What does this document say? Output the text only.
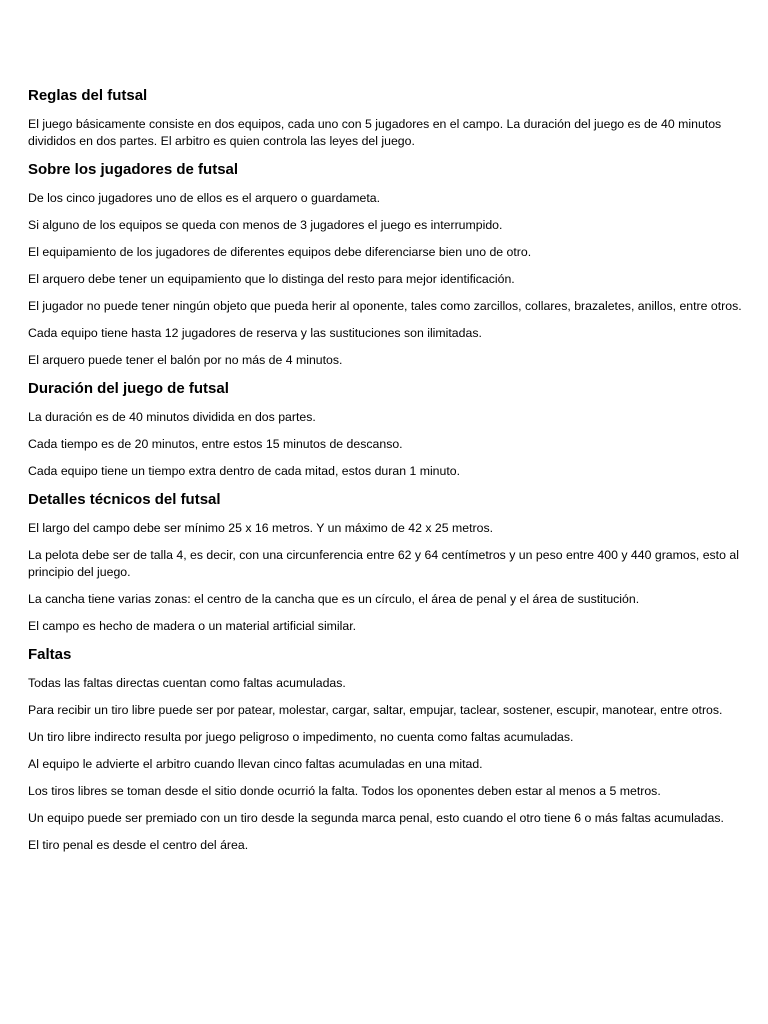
Reglas del futsal

El juego básicamente consiste en dos equipos, cada uno con 5 jugadores en el campo. La duración del juego es de 40 minutos divididos en dos partes. El arbitro es quien controla las leyes del juego.

Sobre los jugadores de futsal

De los cinco jugadores uno de ellos es el arquero o guardameta.

Si alguno de los equipos se queda con menos de 3 jugadores el juego es interrumpido.

El equipamiento de los jugadores de diferentes equipos debe diferenciarse bien uno de otro.

El arquero debe tener un equipamiento que lo distinga del resto para mejor identificación.

El jugador no puede tener ningún objeto que pueda herir al oponente, tales como zarcillos, collares, brazaletes, anillos, entre otros.

Cada equipo tiene hasta 12 jugadores de reserva y las sustituciones son ilimitadas.

El arquero puede tener el balón por no más de 4 minutos.

Duración del juego de futsal

La duración es de 40 minutos dividida en dos partes.

Cada tiempo es de 20 minutos, entre estos 15 minutos de descanso.

Cada equipo tiene un tiempo extra dentro de cada mitad, estos duran 1 minuto.

Detalles técnicos del futsal

El largo del campo debe ser mínimo 25 x 16 metros. Y un máximo de 42 x 25 metros.

La pelota debe ser de talla 4, es decir, con una circunferencia entre 62 y 64 centímetros y un peso entre 400 y 440 gramos, esto al principio del juego.

La cancha tiene varias zonas: el centro de la cancha que es un círculo, el área de penal y el área de sustitución.

El campo es hecho de madera o un material artificial similar.

Faltas

Todas las faltas directas cuentan como faltas acumuladas.

Para recibir un tiro libre puede ser por patear, molestar, cargar, saltar, empujar, taclear, sostener, escupir, manotear, entre otros.

Un tiro libre indirecto resulta por juego peligroso o impedimento, no cuenta como faltas acumuladas.

Al equipo le advierte el arbitro cuando llevan cinco faltas acumuladas en una mitad.

Los tiros libres se toman desde el sitio donde ocurrió la falta. Todos los oponentes deben estar al menos a 5 metros.

Un equipo puede ser premiado con un tiro desde la segunda marca penal, esto cuando el otro tiene 6 o más faltas acumuladas.

El tiro penal es desde el centro del área.
